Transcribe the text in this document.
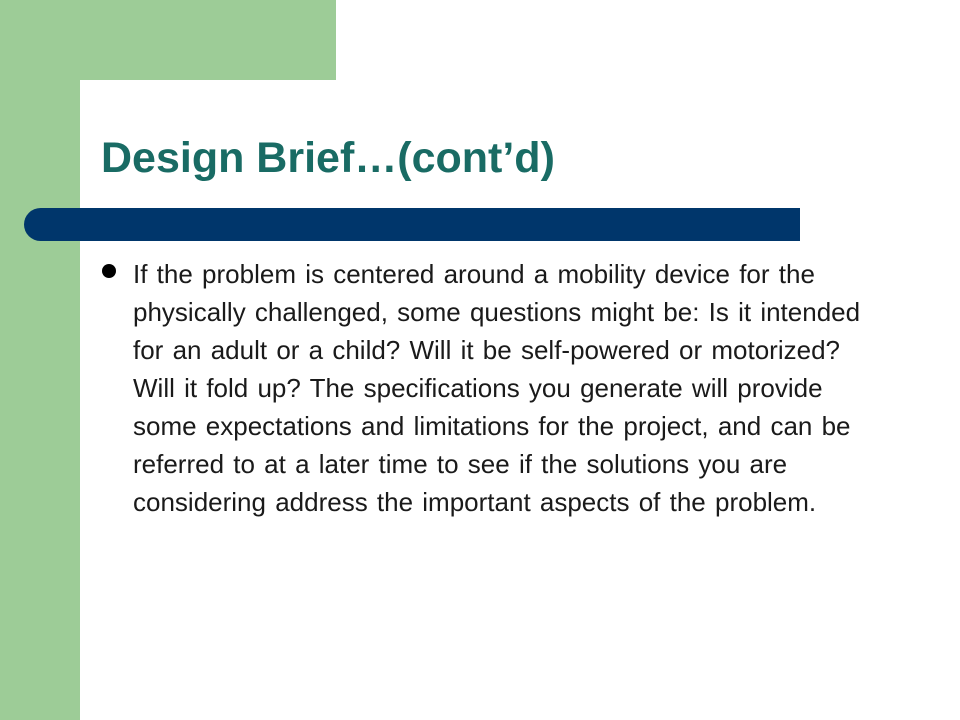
Design Brief…(cont’d)

If the problem is centered around a mobility device for the physically challenged, some questions might be: Is it intended for an adult or a child? Will it be self-powered or motorized? Will it fold up? The specifications you generate will provide some expectations and limitations for the project, and can be referred to at a later time to see if the solutions you are considering address the important aspects of the problem.
